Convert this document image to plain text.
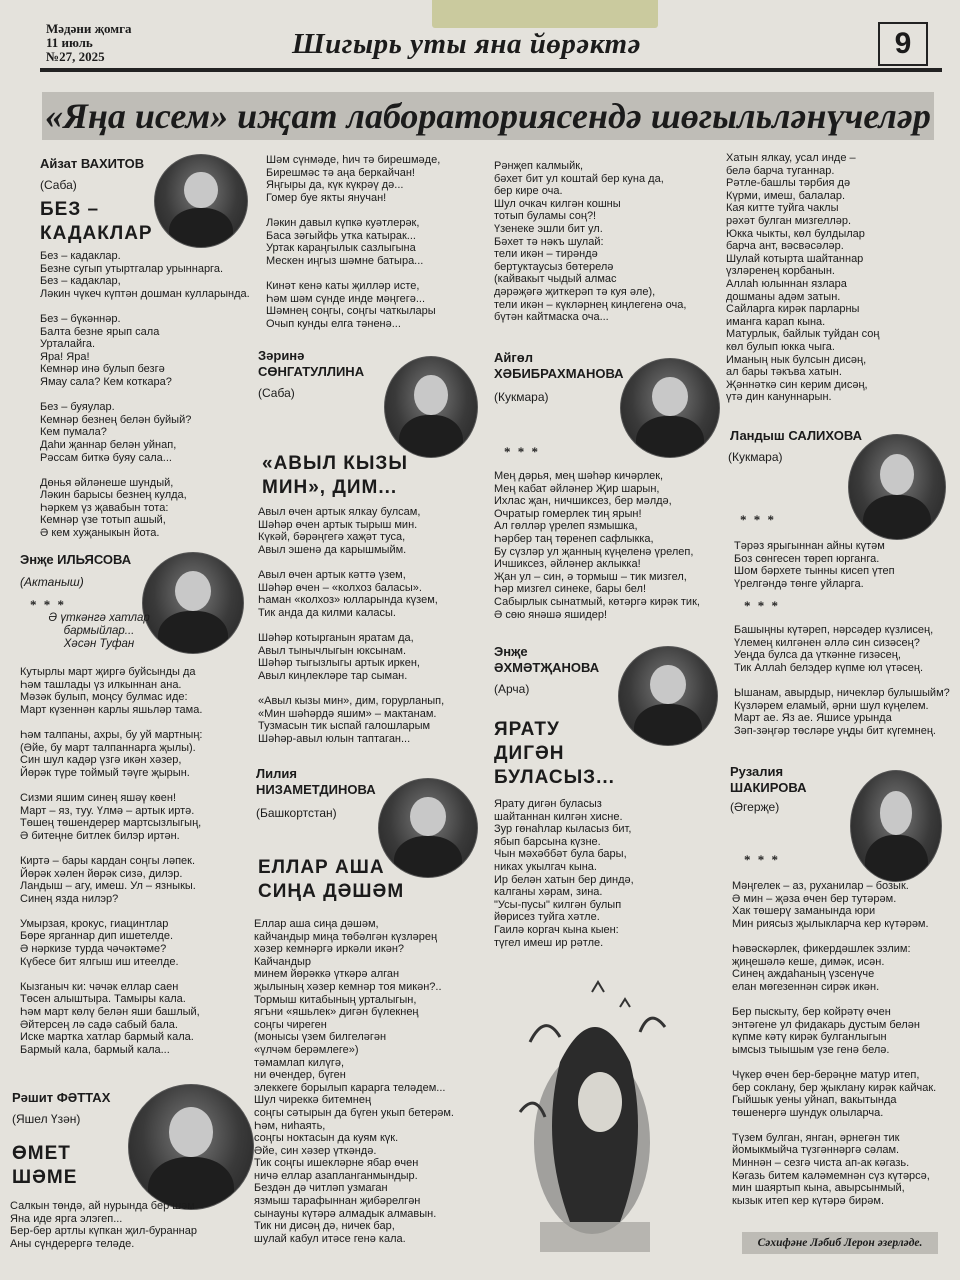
Мәдәни җомга
11 июль
№27, 2025	Шигырь уты яна йөрәктә	9
«Яңа исем» иҗат лабораториясендә шөгыльләнүчеләр
Айзат ВАХИТОВ
(Саба)
БЕЗ –
КАДАКЛАР
Без – кадаклар.
Безне сугып утыртгалар урыннарга.
Без – кадаклар,
Ләкин чүкеч күптән дошман кулларында.

Без – бүкәннәр.
Балта безне ярып сала
Урталайга.
Яра! Яра!
Кемнәр инә булып безгә
Ямау сала? Кем коткара?

Без – буяулар.
Кемнәр безнең белән буйый?
Кем пумала?
Даһи җаннар белән уйнап,
Рәссам биткә буяу сала...

Дөнья әйләнеше шундый,
Ләкин барысы безнең кулда,
Һәркем үз җавабын тота:
Кемнәр үзе тотып ашый,
Ә кем хуҗаныкын йота.
Энҗе ИЛЬЯСОВА
(Актаныш)
* * *
Ә үткәнгә хатлар
бармыйлар...
Хәсән Туфан
Кутырлы март җиргә буйсынды да
Һәм ташлады үз илкыннан ана.
Мәзәк булып, моңсу булмас иде:
Март күзеннән карлы яшьләр тама.

Һәм талпаны, ахры, бу уй мартның:
(Әйе, бу март талпаннарга җылы).
Син шул кадәр үзгә икән хәзер,
Йөрәк түре тоймый тәүге җырын.

Сизми яшим синең яшәү көен!
Март – яз, туу. Үлмә – артык иртә.
Төшең төшендерер мартсызлыгың,
Ә битеңне битлек билэр иртән.

Киртә – бары кардан соңгы ләпек.
Йөрәк хәлен йөрәк сизә, дилэр.
Ландыш – агу, имеш. Ул – язныкы.
Синең язда нилэр?

Умырзая, крокус, гиацинтлар
Бөре ярганнар дип ишетелде.
Ә нәркизе турда чәчәктәме?
Күбесе бит ялгыш иш итеелде.

Кызганыч ки: чәчәк еллар саен
Төсен алыштыра. Тамыры кала.
Һәм март көлү белән яши башлый,
Әйтерсең лә садә сабый бала.
Иске мартка хатлар бармый кала.
Бармый кала, бармый кала...
Рәшит ФӘТТАХ
(Яшел Үзән)
ӨМЕТ
ШӘМЕ
Салкын төндә, ай нурында бер шәм
Яна иде ярга элэгеп...
Бер-бер артлы күпкан җил-бураннар
Аны сүндерергә теләде.
Шәм сүнмәде, һич тә бирешмәде,
Бирешмәс тә аңа беркайчан!
Яңгыры да, күк күкрәү дә...
Гомер буе якты янучан!

Ләкин давыл күпкә куәтлерәк,
Баса зәгыйфь утка катырак...
Уртак караңгылык сазлыгына
Мескен иңгыз шәмне батыра...

Кинәт кенә каты җилләр исте,
Һәм шәм сүнде инде мәңгегә...
Шәмнең соңгы, соңгы чаткылары
Очып кунды елга тәненә...
Зәринә
СӨНГАТУЛЛИНА
(Саба)
«АВЫЛ КЫЗЫ
МИН», ДИМ...
Авыл өчен артык ялкау булсам,
Шәһәр өчен артык тырыш мин.
Күкәй, бәрәңгегә хаҗәт туса,
Авыл эшенә да карышмыйм.

Авыл өчен артык кәттә үзем,
Шәһәр өчен – «колхоз баласы».
Һаман «колхоз» юлларында күзем,
Тик анда да килми каласы.

Шәһәр котырганын яратам да,
Авыл тынычлыгын юксынам.
Шәһәр тыгызлыгы артык иркен,
Авыл киңлекләре тар сыман.

«Авыл кызы мин», дим, горурланып,
«Мин шәһәрдә яшим» – мактанам.
Тузмасын тик ыспай галошларым
Шәһәр-авыл юлын таптаган...
Лилия
НИЗАМЕТДИНОВА
(Башкортстан)
ЕЛЛАР АША
СИҢА ДӘШӘМ
Еллар аша сиңа дәшәм,
кайчандыр миңа төбәлгән күзләрең
хәзер кемнәргә иркәли икән?
Кайчандыр
минем йөрәккә үткәрә алган
җылының хәзер кемнәр тоя микән?..
Тормыш китабының урталыгын,
ягъни «яшьлек» дигән бүлекнең
соңгы чиреген
(монысы үзем билгеләгән
«үлчәм берәмлеге»)
тәмамлап килүгә,
ни өчендер, бүген
элеккеге борылып карарга теләдем...
Шул чиреккә битемнең
соңгы сәтырын да бүген укып бетерәм.
Һәм, ниһаять,
соңгы ноктасын да куям күк.
Әйе, син хәзер үткәндә.
Тик соңгы ишекләрне ябар өчен
ничә еллар азапланганмындыр.
Бездән дә читләп узмаган
язмыш тарафыннан җибәрелгән
сынауны күтәрә алмадык алмавын.
Тик ни дисәң дә, ничек бар,
шулай кабул итәсе генә кала.
Рәнҗеп калмыйк,
бәхет бит ул коштай бер куна да,
бер кире оча.
Шул очкач килгән кошны
тотып буламы соң?!
Үзенеке эшли бит ул.
Бәхет тә нәкъ шулай:
тели икән – тирәндә
бертуктаусыз бөтерелә
(кайвакыт чыдый алмас
дәрәҗәгә җиткерәп тә куя әле),
тели икән – күкләрнең киңлегенә оча,
бүтән кайтмаска оча...
Айгөл
ХӘБИБРАХМАНОВА
(Кукмара)
* * *
Мең дәрья, мең шәһәр кичәрлек,
Мең кабат әйләнер Җир шарын,
Ихлас җан, ничшиксез, бер мәлдә,
Очратыр гомерлек тиң ярын!
Ал гөлләр үрелеп язмышка,
Һәрбер таң төренеп сафлыкка,
Бу сүзләр ул җанның күңеленә үрелеп,
Ичшиксез, әйләнер аклыкка!
Җан ул – син, ә тормыш – тик мизгел,
Һәр мизгел синеке, бары бел!
Сабырлык сынатмый, көтәргә кирәк тик,
Ә сөю янәшә яшидер!
Энҗе
ӘХМӘТҖАНОВА
(Арча)
ЯРАТУ
ДИГӘН
БУЛАСЫЗ...
Ярату дигән буласыз
шайтаннан килгән хисне.
Зур гөнаһлар кыласыз бит,
ябып барсына күзне.
Чын мәхәббәт була бары,
никах укылгач кына.
Ир белән хатын бер диндә,
калганы хәрам, зина.
"Усы-пусы" килгән булып
йөрисез туйга хәтле.
Гаилә коргач кына кыен:
түгел имеш ир рәтле.
Хатын ялкау, усал инде –
белә барча туганнар.
Рәтле-башлы тәрбия дә
Күрми, имеш, балалар.
Кая китте туйга чаклы
рәхәт булган мизгелләр.
Юкка чыкты, көл булдылар
барча ант, вәсвәсәләр.
Шулай котырта шайтаннар
үзләренең корбанын.
Аллаһ юлыннан язлара
дошманы адәм затын.
Сайларга кирәк парларны
иманга карап кына.
Матурлык, байлык туйдан соң
көл булып юкка чыга.
Иманың нык булсын дисәң,
ал бары тәкъва хатын.
Җәннәткә син керим дисәң,
үтә дин кануннарын.
Ландыш САЛИХОВА
(Кукмара)
* * *
Тәрәз ярыгыннан айны күтәм
Боз сөнгесен төреп юрганга.
Шом бәрхете тынны кисеп үтеп
Үрелгәндә төнге уйларга.
* * *
Башыңны күтәреп, нәрсәдер күзлисең,
Үлемең килгәнен әллә син сизәсең?
Уеңда булса да үткәнне гизәсең,
Тик Аллаһ белэдер күпме юл үтәсең.

Ышанам, авырдыр, ничекләр булышыйм?
Күзләрем еламый, әрни шул күңелем.
Март ае. Яз ае. Яшисе урында
Зәп-зәңгәр төсләре уңды бит күгемнең.
Рузалия
ШАКИРОВА
(Әгерҗе)
* * *
Мәңгелек – аз, руханилар – бозык.
Ә мин – җәза өчен бер тутәрәм.
Хак төшерү заманында юри
Мин риясыз җылыкларча кер күтәрәм.

Һәвәскәрлек, фикердәшлек эзлим:
җиңешәлә кеше, димәк, исән.
Синең аждаһаның үзсенүче
елан мөгезеннән сирәк икән.

Бер пыскыту, бер койрәтү өчен
энтәгене ул фидакарь дустым белән
күпме кәтү кирәк булганлыгын
ымсыз тыышым үзе генә белә.

Чүкер өчен бер-берәңне матур итеп,
бер соклану, бер җыклану кирәк кайчак.
Гыйшык уены уйнап, вакытында
төшенергә шундук олыларча.

Түзем булган, янган, әрнегән тик
йомыкмыйча түзгәннәргә сәлам.
Миннән – сезгә чиста ап-ак кәгазь.
Кәгазь битем каләмемнән сүз күтәрсә,
мин шаяртып кына, авырсынмый,
кызык итеп кер күтәрә бирәм.
Сәхифәне Ләбиб Лерон әзерләде.
